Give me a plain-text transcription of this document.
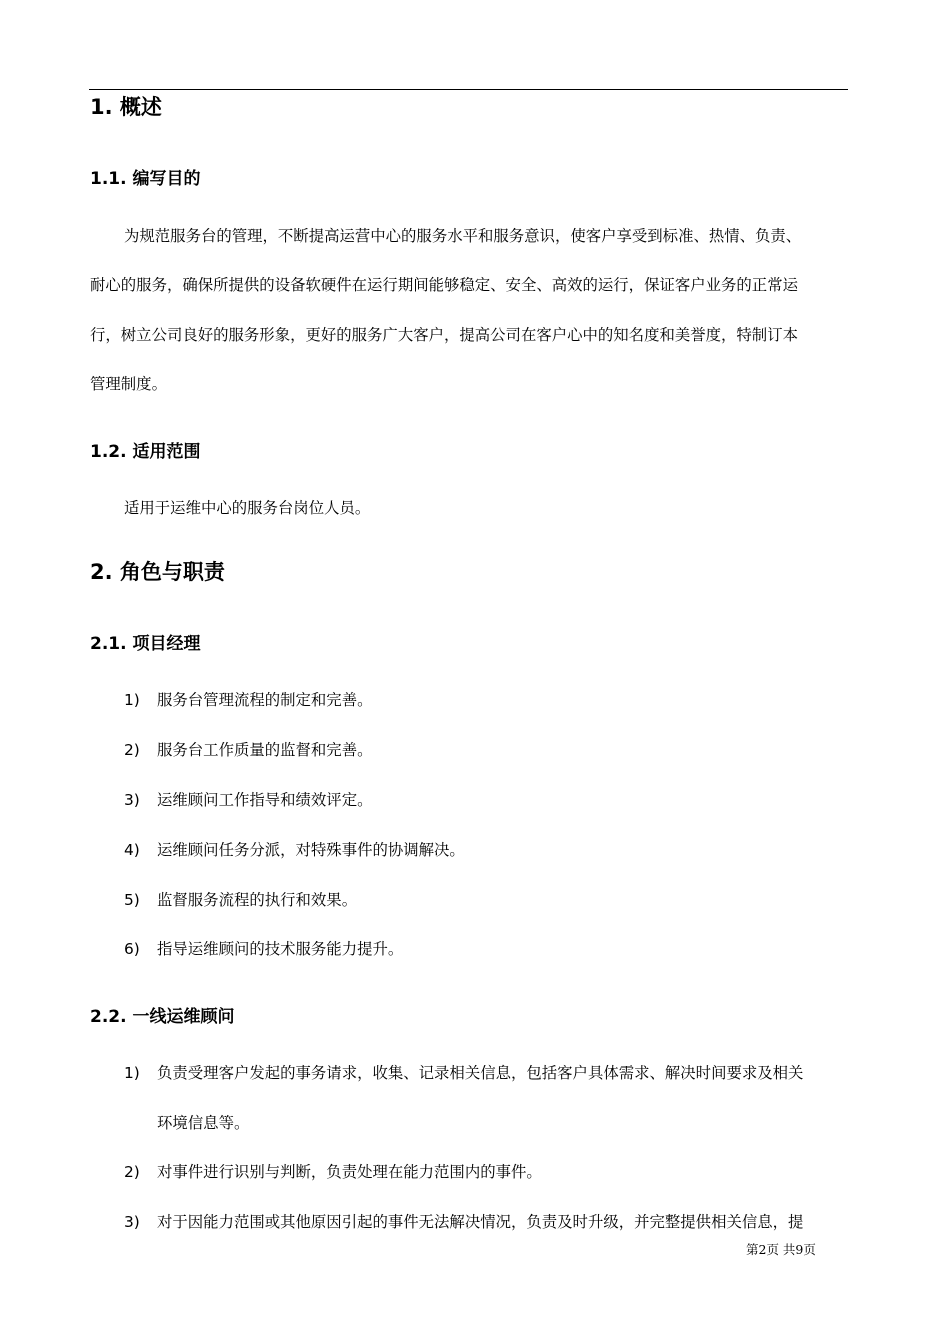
1. 概述
1.1. 编写目的
为规范服务台的管理，不断提高运营中心的服务水平和服务意识，使客户享受到标准、热情、负责、
耐心的服务，确保所提供的设备软硬件在运行期间能够稳定、安全、高效的运行，保证客户业务的正常运
行，树立公司良好的服务形象，更好的服务广大客户，提高公司在客户心中的知名度和美誉度，特制订本
管理制度。
1.2. 适用范围
适用于运维中心的服务台岗位人员。
2. 角色与职责
2.1. 项目经理
1) 服务台管理流程的制定和完善。
2) 服务台工作质量的监督和完善。
3) 运维顾问工作指导和绩效评定。
4) 运维顾问任务分派，对特殊事件的协调解决。
5) 监督服务流程的执行和效果。
6) 指导运维顾问的技术服务能力提升。
2.2. 一线运维顾问
1) 负责受理客户发起的事务请求，收集、记录相关信息，包括客户具体需求、解决时间要求及相关
环境信息等。
2) 对事件进行识别与判断，负责处理在能力范围内的事件。
3) 对于因能力范围或其他原因引起的事件无法解决情况，负责及时升级，并完整提供相关信息，提
第2页 共9页
